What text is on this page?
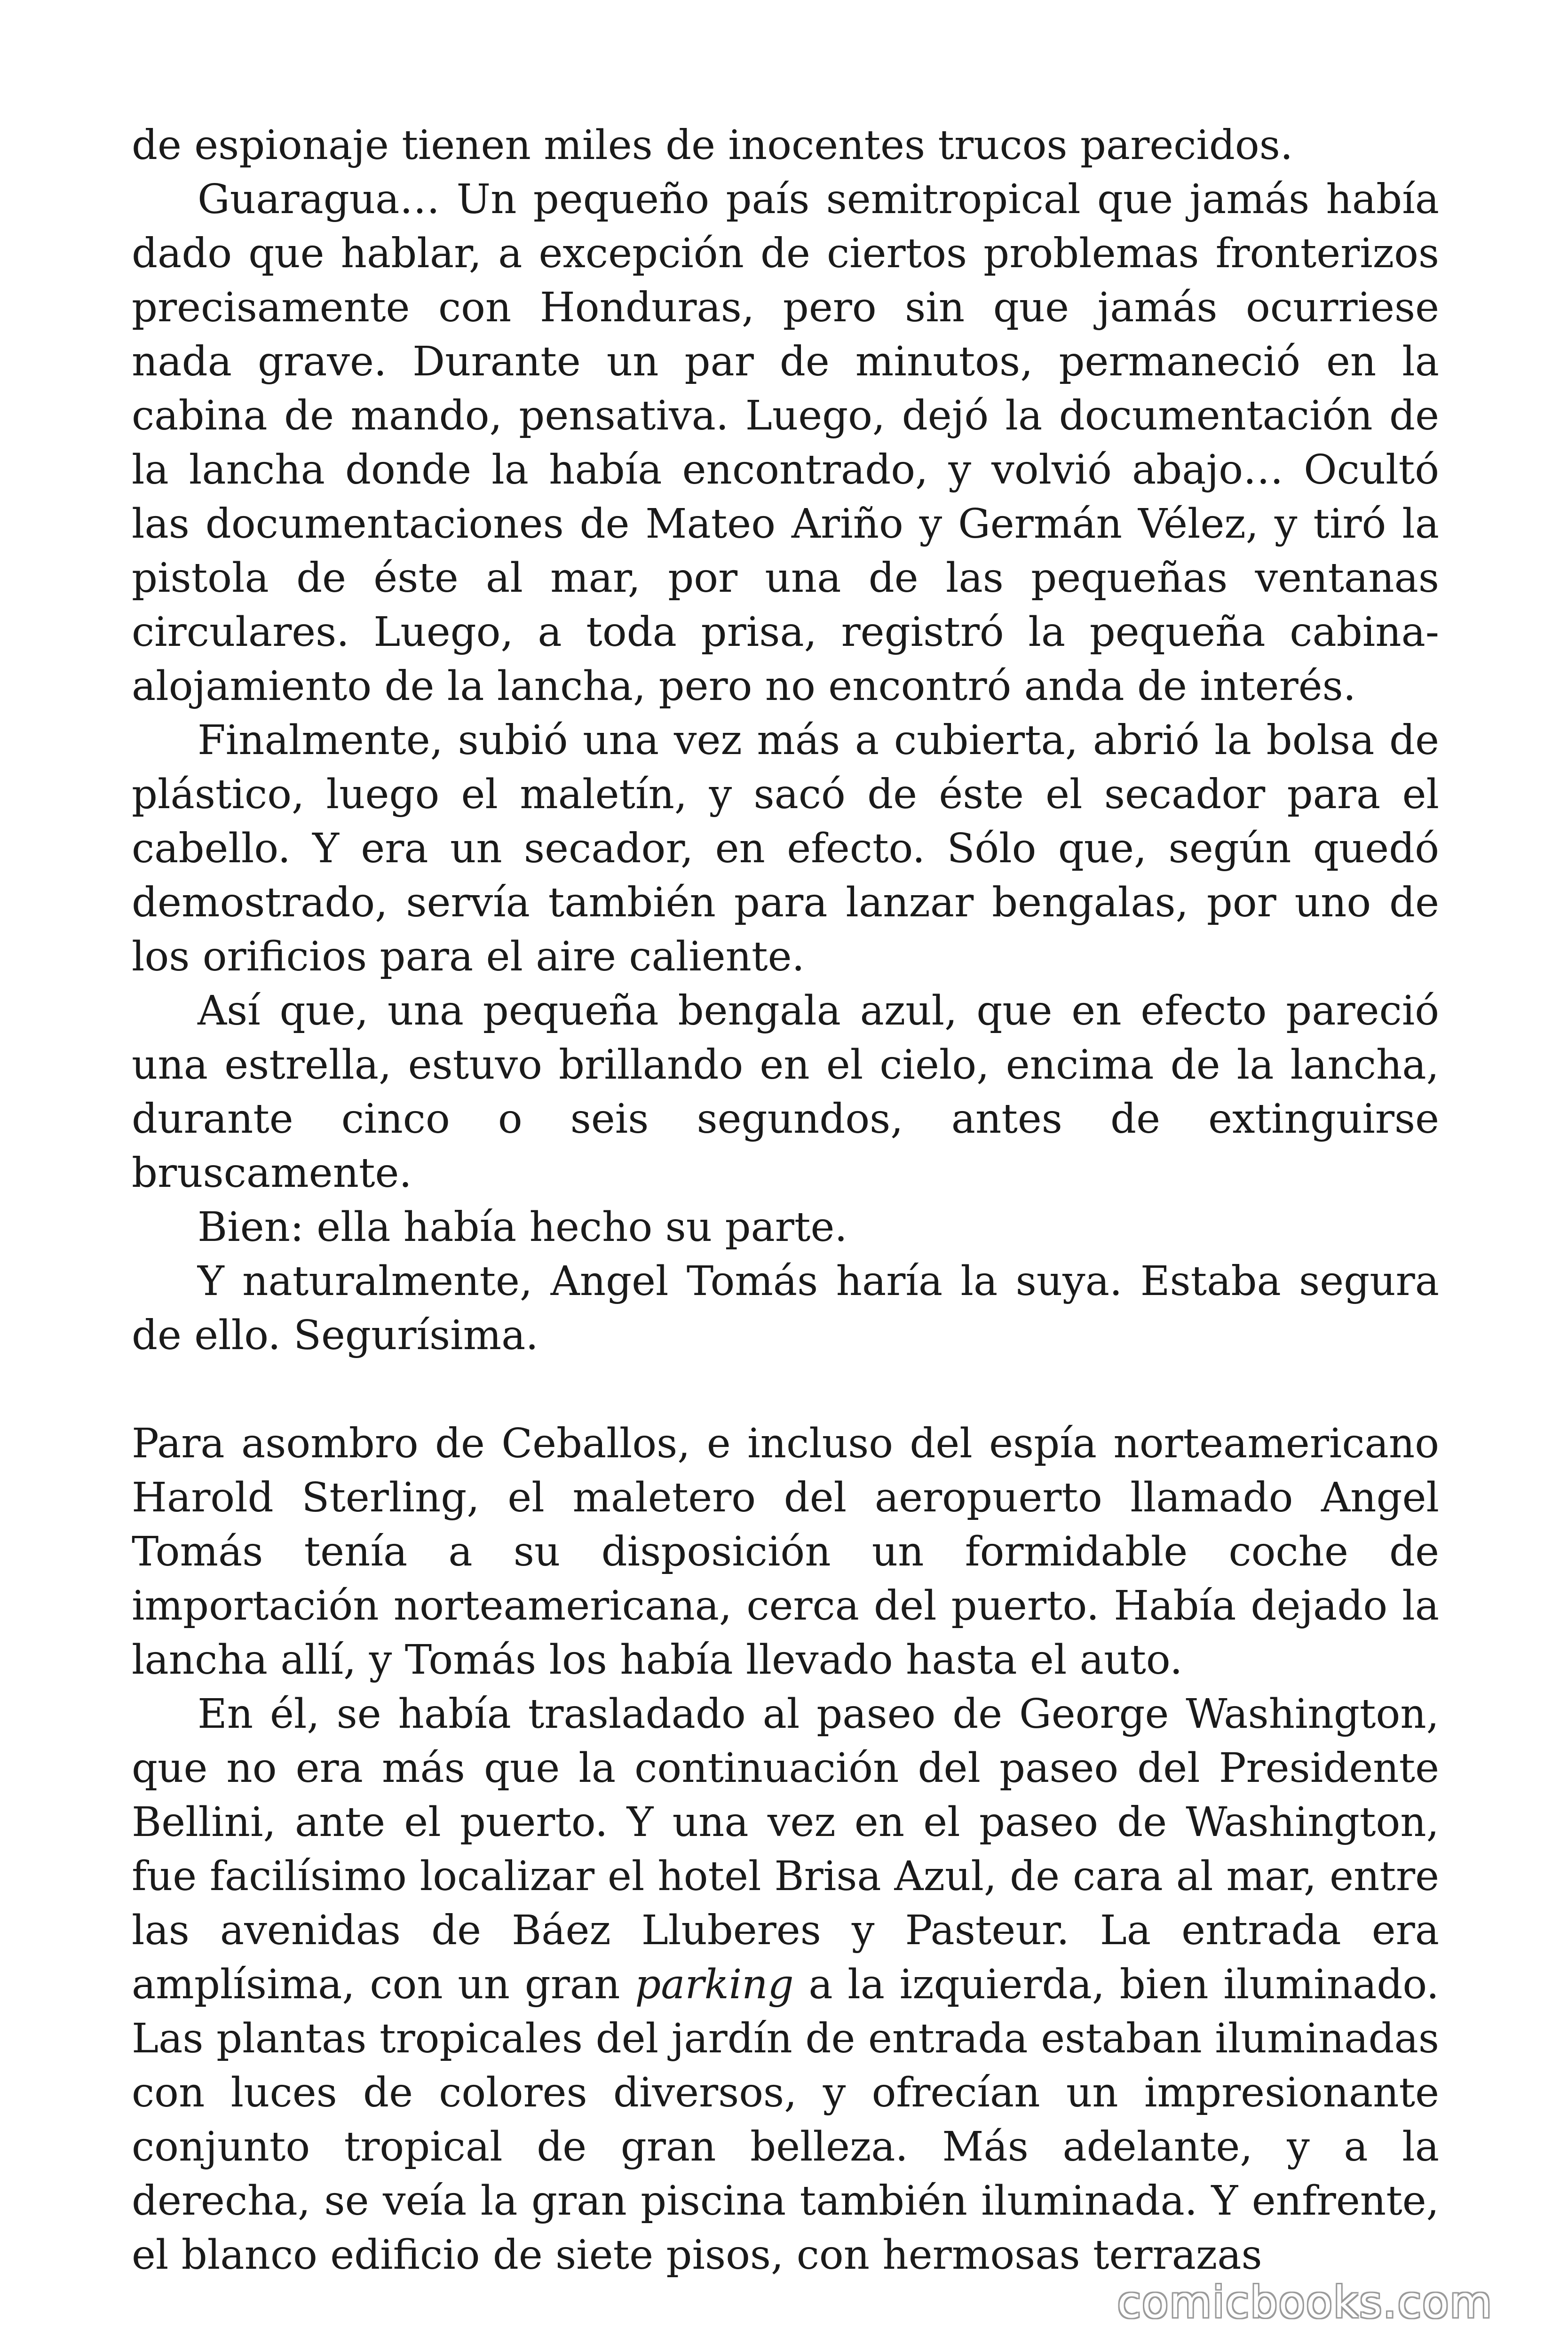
de espionaje tienen miles de inocentes trucos parecidos.

Guaragua… Un pequeño país semitropical que jamás había dado que hablar, a excepción de ciertos problemas fronterizos precisamente con Honduras, pero sin que jamás ocurriese nada grave. Durante un par de minutos, permaneció en la cabina de mando, pensativa. Luego, dejó la documentación de la lancha donde la había encontrado, y volvió abajo… Ocultó las documentaciones de Mateo Ariño y Germán Vélez, y tiró la pistola de éste al mar, por una de las pequeñas ventanas circulares. Luego, a toda prisa, registró la pequeña cabina-alojamiento de la lancha, pero no encontró anda de interés.

Finalmente, subió una vez más a cubierta, abrió la bolsa de plástico, luego el maletín, y sacó de éste el secador para el cabello. Y era un secador, en efecto. Sólo que, según quedó demostrado, servía también para lanzar bengalas, por uno de los orificios para el aire caliente.

Así que, una pequeña bengala azul, que en efecto pareció una estrella, estuvo brillando en el cielo, encima de la lancha, durante cinco o seis segundos, antes de extinguirse bruscamente.

Bien: ella había hecho su parte.

Y naturalmente, Angel Tomás haría la suya. Estaba segura de ello. Segurísima.

Para asombro de Ceballos, e incluso del espía norteamericano Harold Sterling, el maletero del aeropuerto llamado Angel Tomás tenía a su disposición un formidable coche de importación norteamericana, cerca del puerto. Había dejado la lancha allí, y Tomás los había llevado hasta el auto.

En él, se había trasladado al paseo de George Washington, que no era más que la continuación del paseo del Presidente Bellini, ante el puerto. Y una vez en el paseo de Washington, fue facilísimo localizar el hotel Brisa Azul, de cara al mar, entre las avenidas de Báez Lluberes y Pasteur. La entrada era amplísima, con un gran parking a la izquierda, bien iluminado. Las plantas tropicales del jardín de entrada estaban iluminadas con luces de colores diversos, y ofrecían un impresionante conjunto tropical de gran belleza. Más adelante, y a la derecha, se veía la gran piscina también iluminada. Y enfrente, el blanco edificio de siete pisos, con hermosas terrazas

comicbooks.com
